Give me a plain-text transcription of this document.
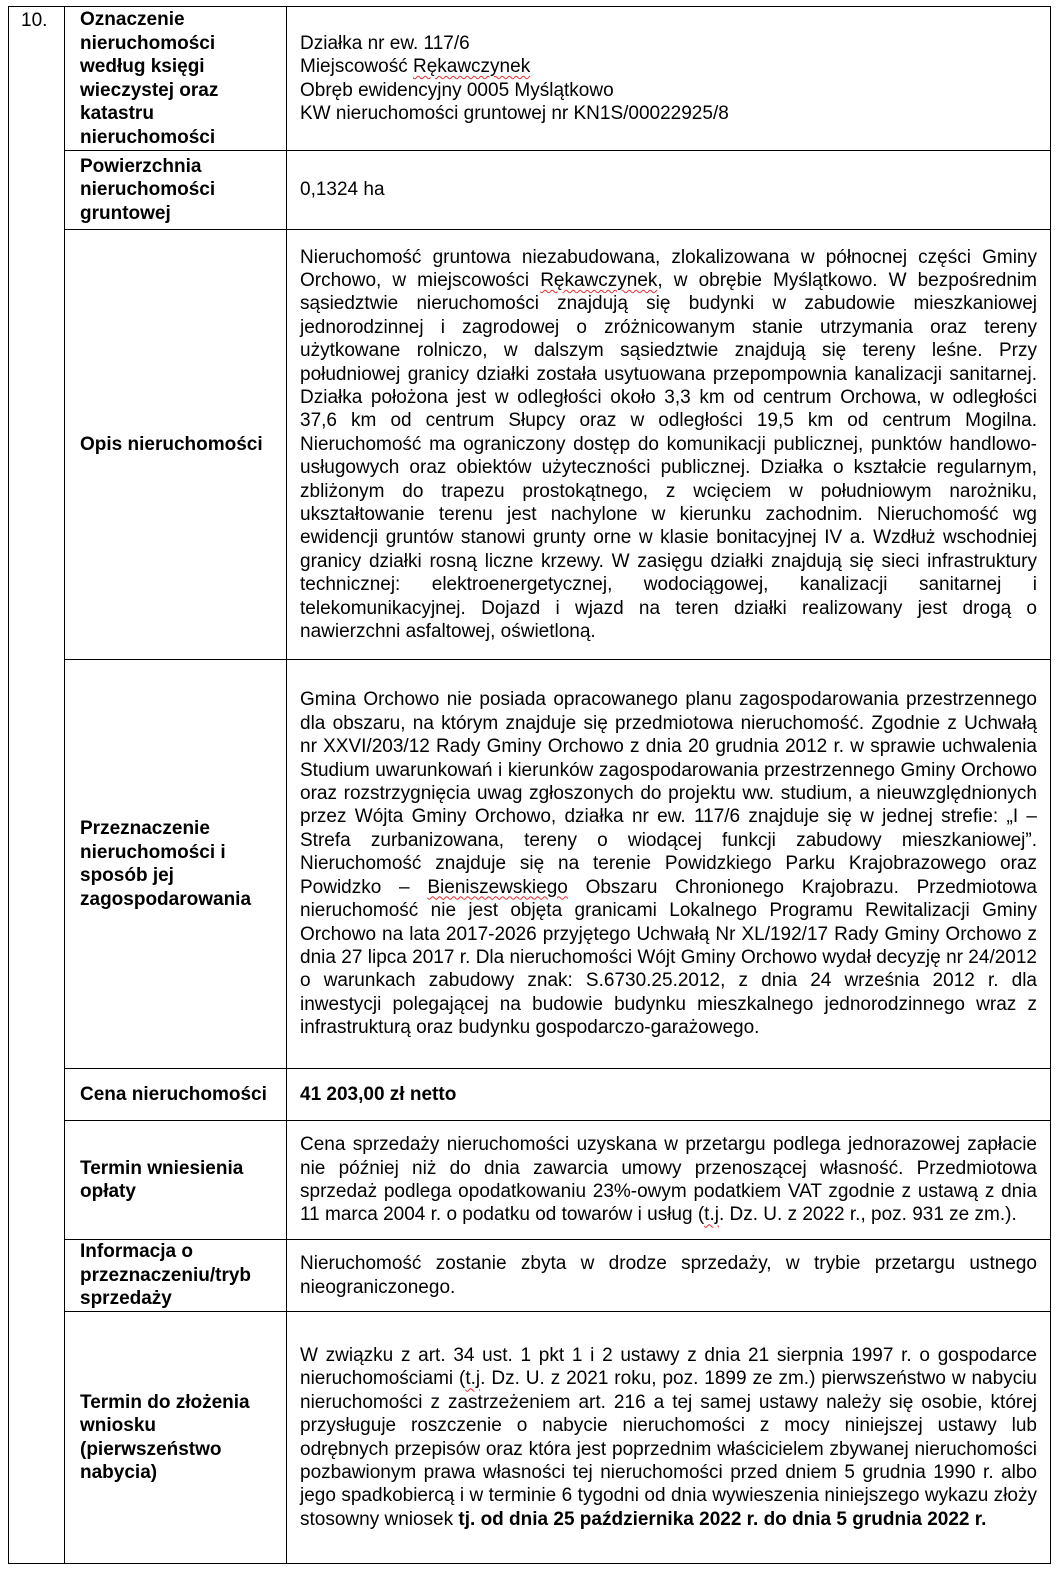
10.	Oznaczenie nieruchomości według księgi wieczystej oraz katastru nieruchomości	Działka nr ew. 117/6

Miejscowość Rękawczynek

Obręb ewidencyjny 0005 Myślątkowo

KW nieruchomości gruntowej nr KN1S/00022925/8

	Powierzchnia nieruchomości gruntowej	0,1324 ha
	Opis nieruchomości	Nieruchomość gruntowa niezabudowana, zlokalizowana w północnej części Gminy Orchowo, w miejscowości Rękawczynek, w obrębie Myślątkowo. W bezpośrednim sąsiedztwie nieruchomości znajdują się budynki w zabudowie mieszkaniowej jednorodzinnej i zagrodowej o zróżnicowanym stanie utrzymania oraz tereny użytkowane rolniczo, w dalszym sąsiedztwie znajdują się tereny leśne. Przy południowej granicy działki została usytuowana przepompownia kanalizacji sanitarnej. Działka położona jest w odległości około 3,3 km od centrum Orchowa, w odległości 37,6 km od centrum Słupcy oraz w odległości 19,5 km od centrum Mogilna. Nieruchomość ma ograniczony dostęp do komunikacji publicznej, punktów handlowo-usługowych oraz obiektów użyteczności publicznej. Działka o kształcie regularnym, zbliżonym do trapezu prostokątnego, z wcięciem w południowym narożniku, ukształtowanie terenu jest nachylone w kierunku zachodnim. Nieruchomość wg ewidencji gruntów stanowi grunty orne w klasie bonitacyjnej IV a. Wzdłuż wschodniej granicy działki rosną liczne krzewy. W zasięgu działki znajdują się sieci infrastruktury technicznej: elektroenergetycznej, wodociągowej, kanalizacji sanitarnej i telekomunikacyjnej. Dojazd i wjazd na teren działki realizowany jest drogą o nawierzchni asfaltowej, oświetloną.
	Przeznaczenie nieruchomości i sposób jej zagospodarowania	Gmina Orchowo nie posiada opracowanego planu zagospodarowania przestrzennego dla obszaru, na którym znajduje się przedmiotowa nieruchomość. Zgodnie z Uchwałą nr XXVI/203/12 Rady Gminy Orchowo z dnia 20 grudnia 2012 r. w sprawie uchwalenia Studium uwarunkowań i kierunków zagospodarowania przestrzennego Gminy Orchowo oraz rozstrzygnięcia uwag zgłoszonych do projektu ww. studium, a nieuwzględnionych przez Wójta Gminy Orchowo, działka nr ew. 117/6 znajduje się w jednej strefie: „I – Strefa zurbanizowana, tereny o wiodącej funkcji zabudowy mieszkaniowej”. Nieruchomość znajduje się na terenie Powidzkiego Parku Krajobrazowego oraz Powidzko – Bieniszewskiego Obszaru Chronionego Krajobrazu. Przedmiotowa nieruchomość nie jest objęta granicami Lokalnego Programu Rewitalizacji Gminy Orchowo na lata 2017-2026 przyjętego Uchwałą Nr XL/192/17 Rady Gminy Orchowo z dnia 27 lipca 2017 r. Dla nieruchomości Wójt Gminy Orchowo wydał decyzję nr 24/2012 o warunkach zabudowy znak: S.6730.25.2012, z dnia 24 września 2012 r. dla inwestycji polegającej na budowie budynku mieszkalnego jednorodzinnego wraz z infrastrukturą oraz budynku gospodarczo-garażowego.
	Cena nieruchomości	41 203,00 zł netto
	Termin wniesienia opłaty	Cena sprzedaży nieruchomości uzyskana w przetargu podlega jednorazowej zapłacie nie później niż do dnia zawarcia umowy przenoszącej własność. Przedmiotowa sprzedaż podlega opodatkowaniu 23%-owym podatkiem VAT zgodnie z ustawą z dnia 11 marca 2004 r. o podatku od towarów i usług (t.j. Dz. U. z 2022 r., poz. 931 ze zm.).
	Informacja o przeznaczeniu/tryb sprzedaży	Nieruchomość zostanie zbyta w drodze sprzedaży, w trybie przetargu ustnego nieograniczonego.
	Termin do złożenia wniosku (pierwszeństwo nabycia)	W związku z art. 34 ust. 1 pkt 1 i 2 ustawy z dnia 21 sierpnia 1997 r. o gospodarce nieruchomościami (t.j. Dz. U. z 2021 roku, poz. 1899 ze zm.) pierwszeństwo w nabyciu nieruchomości z zastrzeżeniem art. 216 a tej samej ustawy należy się osobie, której przysługuje roszczenie o nabycie nieruchomości z mocy niniejszej ustawy lub odrębnych przepisów oraz która jest poprzednim właścicielem zbywanej nieruchomości pozbawionym prawa własności tej nieruchomości przed dniem 5 grudnia 1990 r. albo jego spadkobiercą i w terminie 6 tygodni od dnia wywieszenia niniejszego wykazu złoży stosowny wniosek tj. od dnia 25 października 2022 r. do dnia 5 grudnia 2022 r.
